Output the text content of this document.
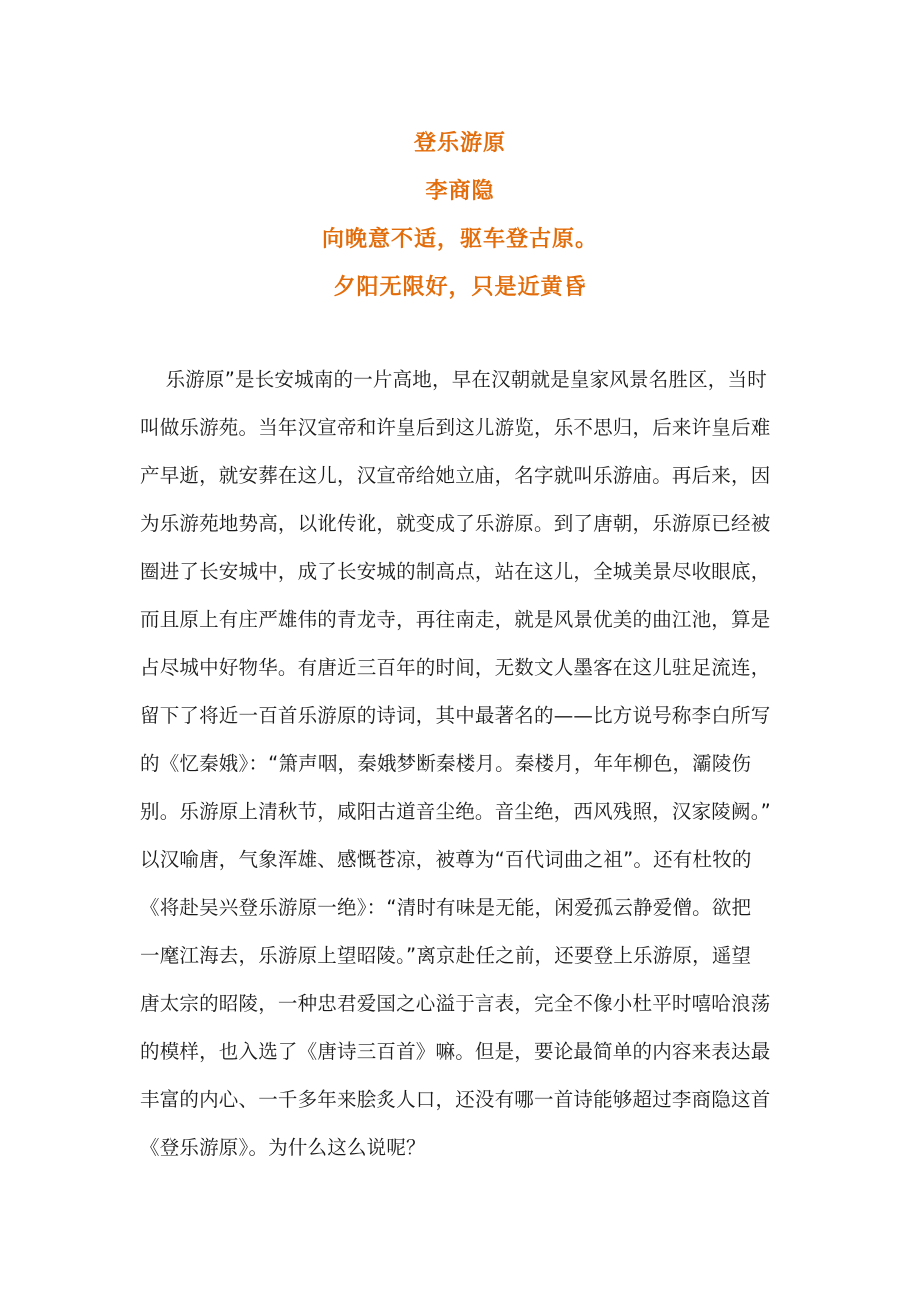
登乐游原
李商隐
向晚意不适，驱车登古原。
夕阳无限好，只是近黄昏
乐游原”是长安城南的一片高地，早在汉朝就是皇家风景名胜区，当时
叫做乐游苑。当年汉宣帝和许皇后到这儿游览，乐不思归，后来许皇后难
产早逝，就安葬在这儿，汉宣帝给她立庙，名字就叫乐游庙。再后来，因
为乐游苑地势高，以讹传讹，就变成了乐游原。到了唐朝，乐游原已经被
圈进了长安城中，成了长安城的制高点，站在这儿，全城美景尽收眼底，
而且原上有庄严雄伟的青龙寺，再往南走，就是风景优美的曲江池，算是
占尽城中好物华。有唐近三百年的时间，无数文人墨客在这儿驻足流连，
留下了将近一百首乐游原的诗词，其中最著名的——比方说号称李白所写
的《忆秦娥》：“箫声咽，秦娥梦断秦楼月。秦楼月，年年柳色，灞陵伤
别。乐游原上清秋节，咸阳古道音尘绝。音尘绝，西风残照，汉家陵阙。”
以汉喻唐，气象浑雄、感慨苍凉，被尊为“百代词曲之祖”。还有杜牧的
《将赴吴兴登乐游原一绝》：“清时有味是无能，闲爱孤云静爱僧。欲把
一麾江海去，乐游原上望昭陵。”离京赴任之前，还要登上乐游原，遥望
唐太宗的昭陵，一种忠君爱国之心溢于言表，完全不像小杜平时嘻哈浪荡
的模样，也入选了《唐诗三百首》嘛。但是，要论最简单的内容来表达最
丰富的内心、一千多年来脍炙人口，还没有哪一首诗能够超过李商隐这首
《登乐游原》。为什么这么说呢？
